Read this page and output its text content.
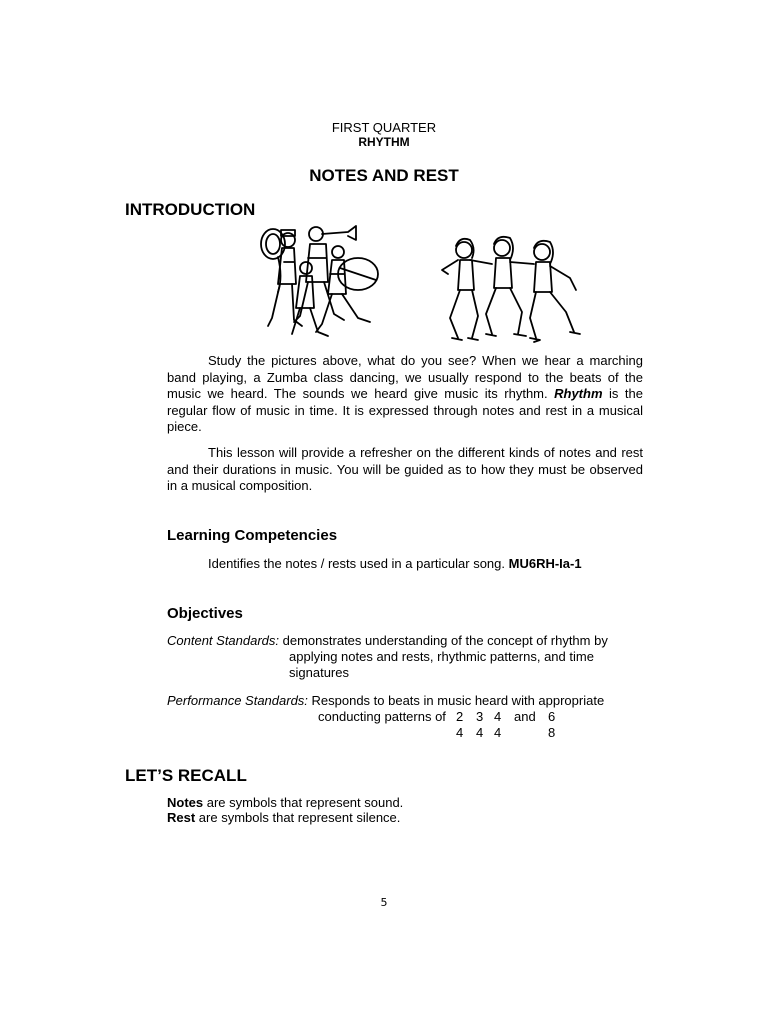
FIRST QUARTER
RHYTHM
NOTES AND REST
INTRODUCTION

Study the pictures above, what do you see? When we hear a marching band playing, a Zumba class dancing, we usually respond to the beats of the music we heard. The sounds we heard give music its rhythm. Rhythm is the regular flow of music in time. It is expressed through notes and rest in a musical piece.

This lesson will provide a refresher on the different kinds of notes and rest and their durations in music. You will be guided as to how they must be observed in a musical composition.

Learning Competencies
Identifies the notes / rests used in a particular song. MU6RH-Ia-1
Objectives
Content Standards: demonstrates understanding of the concept of rhythm by
applying notes and rests, rhythmic patterns, and time
signatures
Performance Standards: Responds to beats in music heard with appropriate
conducting patterns of 2
4
3
4
4
4
and 6
8
LET’S RECALL
Notes are symbols that represent sound.
Rest are symbols that represent silence.
5
